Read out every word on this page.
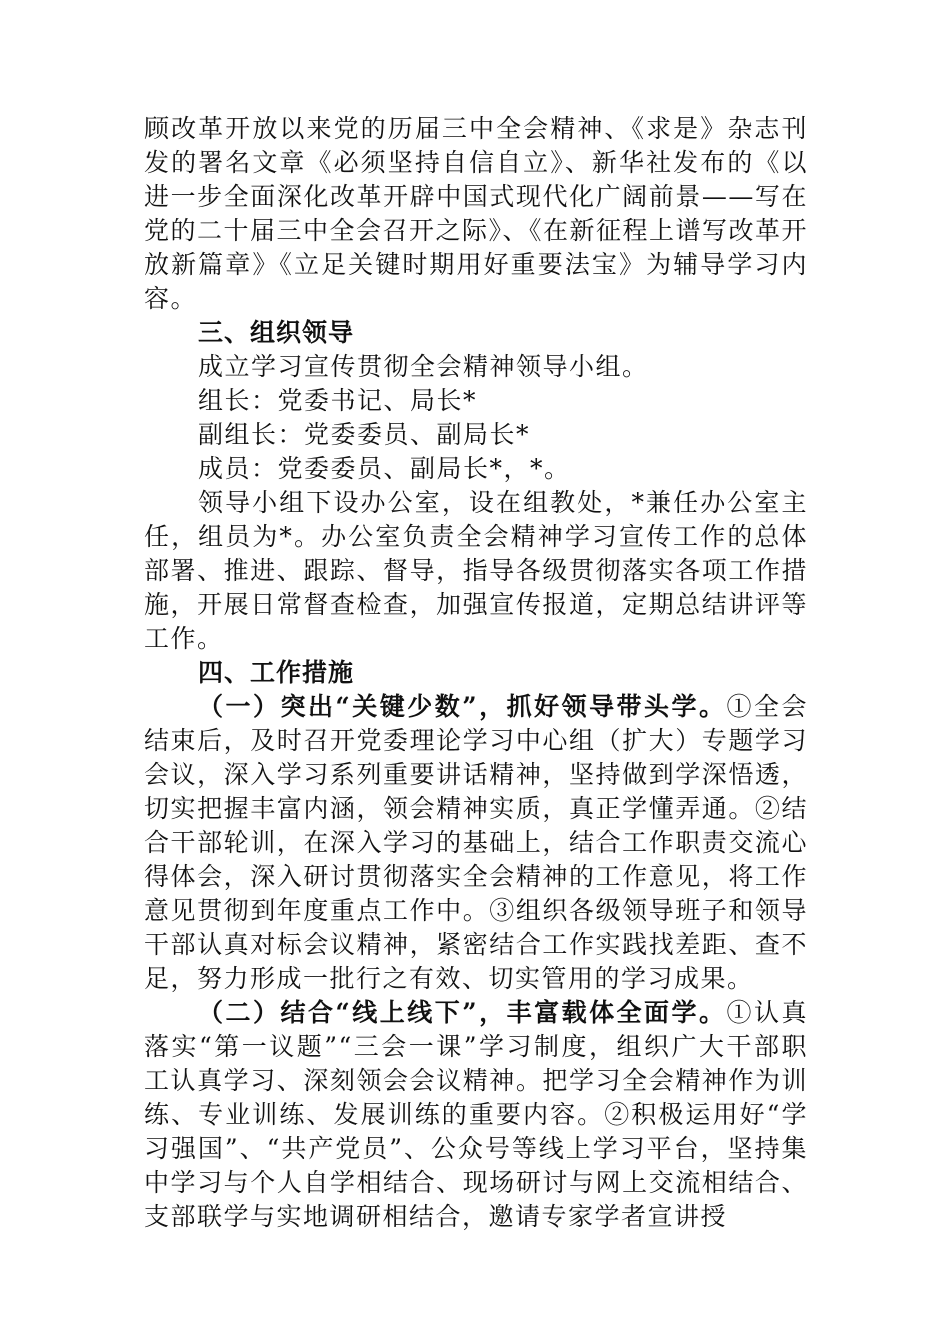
顾改革开放以来党的历届三中全会精神、《求是》杂志刊发的署名文章《必须坚持自信自立》、新华社发布的《以进一步全面深化改革开辟中国式现代化广阔前景——写在党的二十届三中全会召开之际》、《在新征程上谱写改革开放新篇章》《立足关键时期用好重要法宝》为辅导学习内容。

三、组织领导

成立学习宣传贯彻全会精神领导小组。

组长：党委书记、局长*

副组长：党委委员、副局长*

成员：党委委员、副局长*，*。

领导小组下设办公室，设在组教处，*兼任办公室主任，组员为*。办公室负责全会精神学习宣传工作的总体部署、推进、跟踪、督导，指导各级贯彻落实各项工作措施，开展日常督查检查，加强宣传报道，定期总结讲评等工作。

四、工作措施

（一）突出“关键少数”，抓好领导带头学。①全会结束后，及时召开党委理论学习中心组（扩大）专题学习会议，深入学习系列重要讲话精神，坚持做到学深悟透，切实把握丰富内涵，领会精神实质，真正学懂弄通。②结合干部轮训，在深入学习的基础上，结合工作职责交流心得体会，深入研讨贯彻落实全会精神的工作意见，将工作意见贯彻到年度重点工作中。③组织各级领导班子和领导干部认真对标会议精神，紧密结合工作实践找差距、查不足，努力形成一批行之有效、切实管用的学习成果。

（二）结合“线上线下”，丰富载体全面学。①认真落实“第一议题”“三会一课”学习制度，组织广大干部职工认真学习、深刻领会会议精神。把学习全会精神作为训练、专业训练、发展训练的重要内容。②积极运用好“学习强国”、“共产党员”、公众号等线上学习平台，坚持集中学习与个人自学相结合、现场研讨与网上交流相结合、支部联学与实地调研相结合，邀请专家学者宣讲授
